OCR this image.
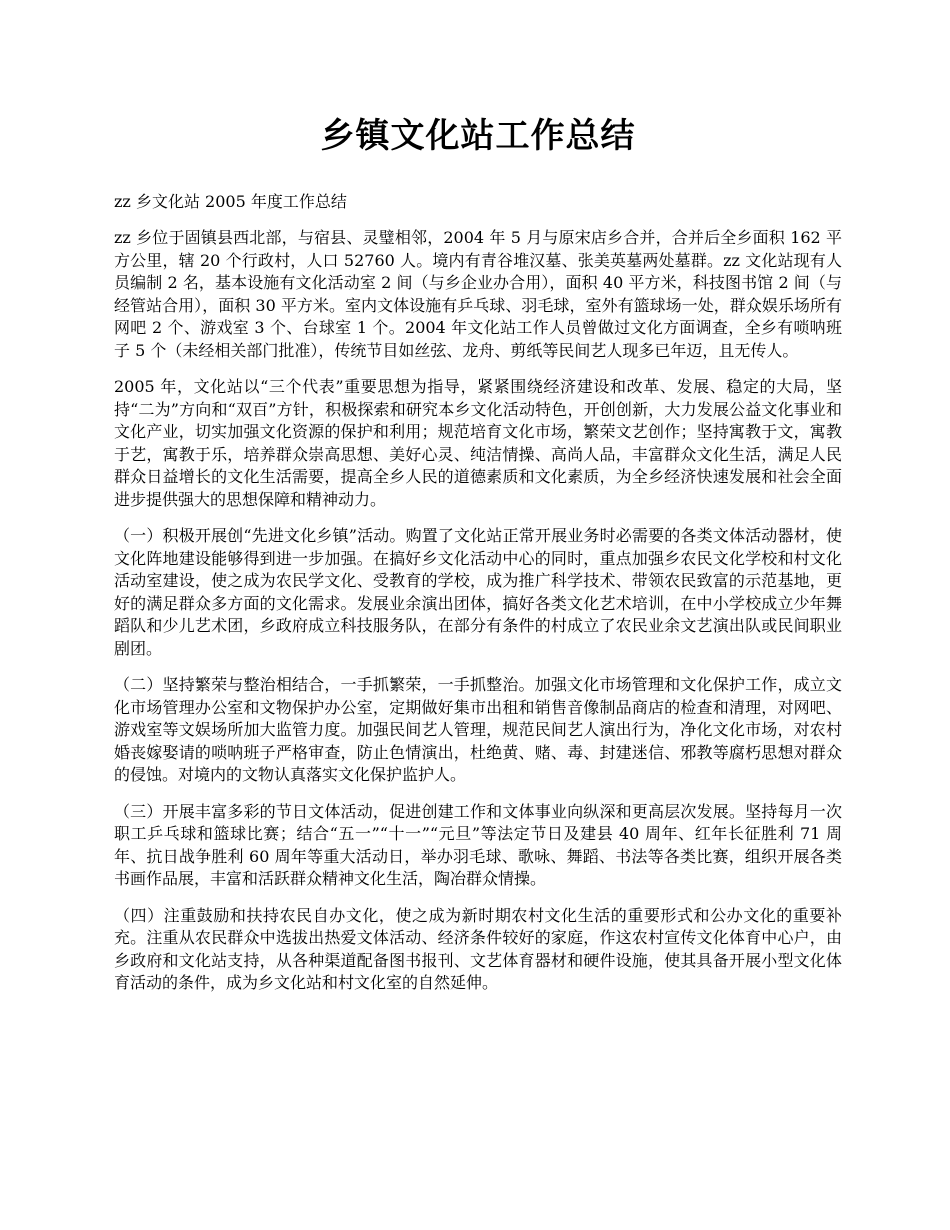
乡镇文化站工作总结

zz 乡文化站 2005 年度工作总结

zz 乡位于固镇县西北部，与宿县、灵璧相邻，2004 年 5 月与原宋店乡合并，合并后全乡面积 162 平方公里，辖 20 个行政村，人口 52760 人。境内有青谷堆汉墓、张美英墓两处墓群。zz 文化站现有人员编制 2 名，基本设施有文化活动室 2 间（与乡企业办合用），面积 40 平方米，科技图书馆 2 间（与经管站合用），面积 30 平方米。室内文体设施有乒乓球、羽毛球，室外有篮球场一处，群众娱乐场所有网吧 2 个、游戏室 3 个、台球室 1 个。2004 年文化站工作人员曾做过文化方面调查，全乡有唢呐班子 5 个（未经相关部门批准），传统节目如丝弦、龙舟、剪纸等民间艺人现多已年迈，且无传人。

2005 年，文化站以“三个代表”重要思想为指导，紧紧围绕经济建设和改革、发展、稳定的大局，坚持“二为”方向和“双百”方针，积极探索和研究本乡文化活动特色，开创创新，大力发展公益文化事业和文化产业，切实加强文化资源的保护和利用；规范培育文化市场，繁荣文艺创作；坚持寓教于文，寓教于艺，寓教于乐，培养群众崇高思想、美好心灵、纯洁情操、高尚人品，丰富群众文化生活，满足人民群众日益增长的文化生活需要，提高全乡人民的道德素质和文化素质，为全乡经济快速发展和社会全面进步提供强大的思想保障和精神动力。

（一）积极开展创“先进文化乡镇”活动。购置了文化站正常开展业务时必需要的各类文体活动器材，使文化阵地建设能够得到进一步加强。在搞好乡文化活动中心的同时，重点加强乡农民文化学校和村文化活动室建设，使之成为农民学文化、受教育的学校，成为推广科学技术、带领农民致富的示范基地，更好的满足群众多方面的文化需求。发展业余演出团体，搞好各类文化艺术培训，在中小学校成立少年舞蹈队和少儿艺术团，乡政府成立科技服务队，在部分有条件的村成立了农民业余文艺演出队或民间职业剧团。

（二）坚持繁荣与整治相结合，一手抓繁荣，一手抓整治。加强文化市场管理和文化保护工作，成立文化市场管理办公室和文物保护办公室，定期做好集市出租和销售音像制品商店的检查和清理，对网吧、游戏室等文娱场所加大监管力度。加强民间艺人管理，规范民间艺人演出行为，净化文化市场，对农村婚丧嫁娶请的唢呐班子严格审查，防止色情演出，杜绝黄、赌、毒、封建迷信、邪教等腐朽思想对群众的侵蚀。对境内的文物认真落实文化保护监护人。

（三）开展丰富多彩的节日文体活动，促进创建工作和文体事业向纵深和更高层次发展。坚持每月一次职工乒乓球和篮球比赛；结合“五一”“十一”“元旦”等法定节日及建县 40 周年、红年长征胜利 71 周年、抗日战争胜利 60 周年等重大活动日，举办羽毛球、歌咏、舞蹈、书法等各类比赛，组织开展各类书画作品展，丰富和活跃群众精神文化生活，陶冶群众情操。

（四）注重鼓励和扶持农民自办文化，使之成为新时期农村文化生活的重要形式和公办文化的重要补充。注重从农民群众中选拔出热爱文体活动、经济条件较好的家庭，作这农村宣传文化体育中心户，由乡政府和文化站支持，从各种渠道配备图书报刊、文艺体育器材和硬件设施，使其具备开展小型文化体育活动的条件，成为乡文化站和村文化室的自然延伸。
